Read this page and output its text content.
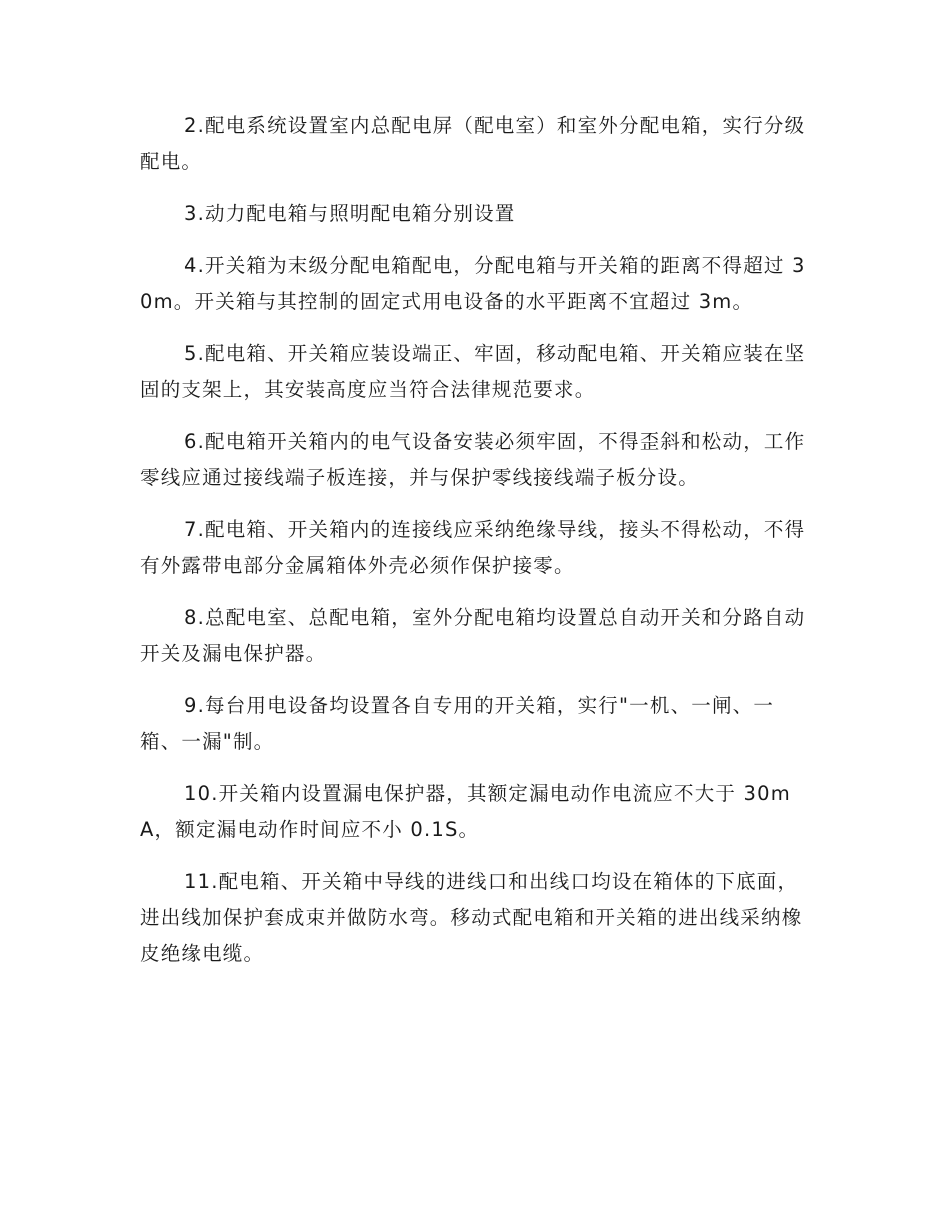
2.配电系统设置室内总配电屏（配电室）和室外分配电箱，实行分级配电。

3.动力配电箱与照明配电箱分别设置

4.开关箱为末级分配电箱配电，分配电箱与开关箱的距离不得超过 30m。开关箱与其控制的固定式用电设备的水平距离不宜超过 3m。

5.配电箱、开关箱应装设端正、牢固，移动配电箱、开关箱应装在坚固的支架上，其安装高度应当符合法律规范要求。

6.配电箱开关箱内的电气设备安装必须牢固，不得歪斜和松动，工作零线应通过接线端子板连接，并与保护零线接线端子板分设。

7.配电箱、开关箱内的连接线应采纳绝缘导线，接头不得松动，不得有外露带电部分金属箱体外壳必须作保护接零。

8.总配电室、总配电箱，室外分配电箱均设置总自动开关和分路自动开关及漏电保护器。

9.每台用电设备均设置各自专用的开关箱，实行"一机、一闸、一箱、一漏"制。

10.开关箱内设置漏电保护器，其额定漏电动作电流应不大于 30mA，额定漏电动作时间应不小 0.1S。

11.配电箱、开关箱中导线的进线口和出线口均设在箱体的下底面，进出线加保护套成束并做防水弯。移动式配电箱和开关箱的进出线采纳橡皮绝缘电缆。
